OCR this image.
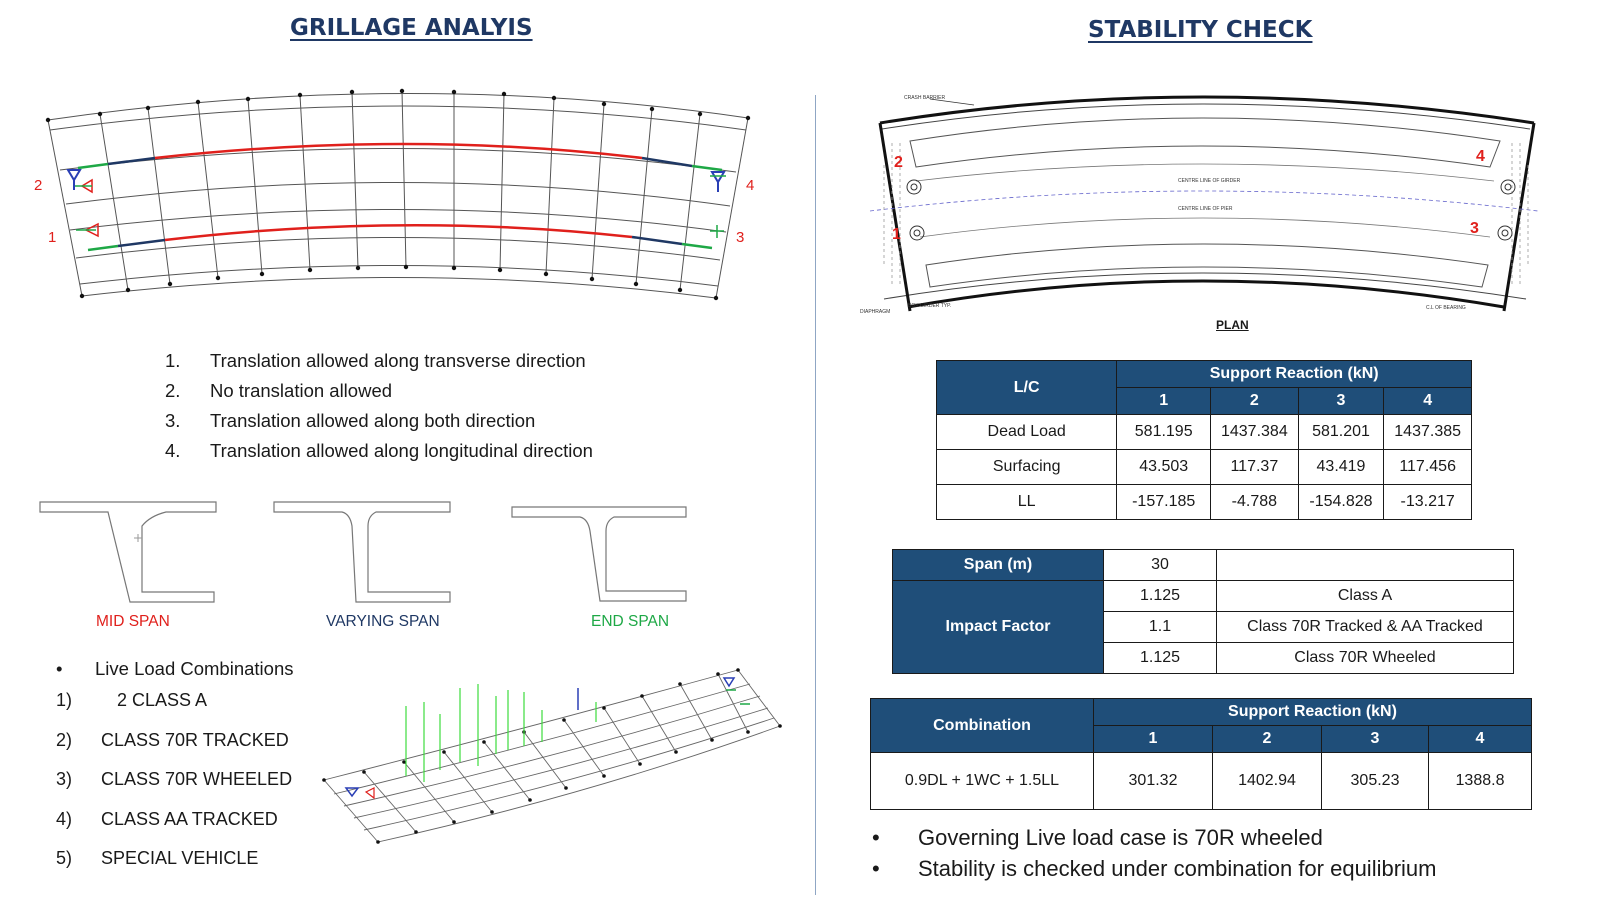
GRILLAGE ANALYIS
2
1
4
3
1.	Translation allowed along transverse direction
2.	No translation allowed
3.	Translation allowed along both direction
4.	Translation allowed along longitudinal direction
MID SPAN	VARYING SPAN	END SPAN
• Live Load Combinations
1)	2 CLASS A
2)	CLASS 70R TRACKED
3)	CLASS 70R WHEELED
4)	CLASS AA TRACKED
5)	SPECIAL VEHICLE
STABILITY CHECK
CRASH BARRIER
CENTRE LINE OF GIRDER
CENTRE LINE OF PIER
BOX GIRDER TYP.
DIAPHRAGM
C.L OF BEARING
1
2
3
4
PLAN
L/C	Support Reaction (kN)			
	1	2	3	4
Dead Load	581.195	1437.384	581.201	1437.385
Surfacing	43.503	117.37	43.419	117.456
LL	-157.185	-4.788	-154.828	-13.217
Span (m)	30	
Impact Factor	1.125	Class A
	1.1	Class 70R Tracked & AA Tracked
	1.125	Class 70R Wheeled
Combination	Support Reaction (kN)			
	1	2	3	4
0.9DL + 1WC + 1.5LL	301.32	1402.94	305.23	1388.8
•	Governing Live load case is 70R wheeled
•	Stability is checked under combination for equilibrium
